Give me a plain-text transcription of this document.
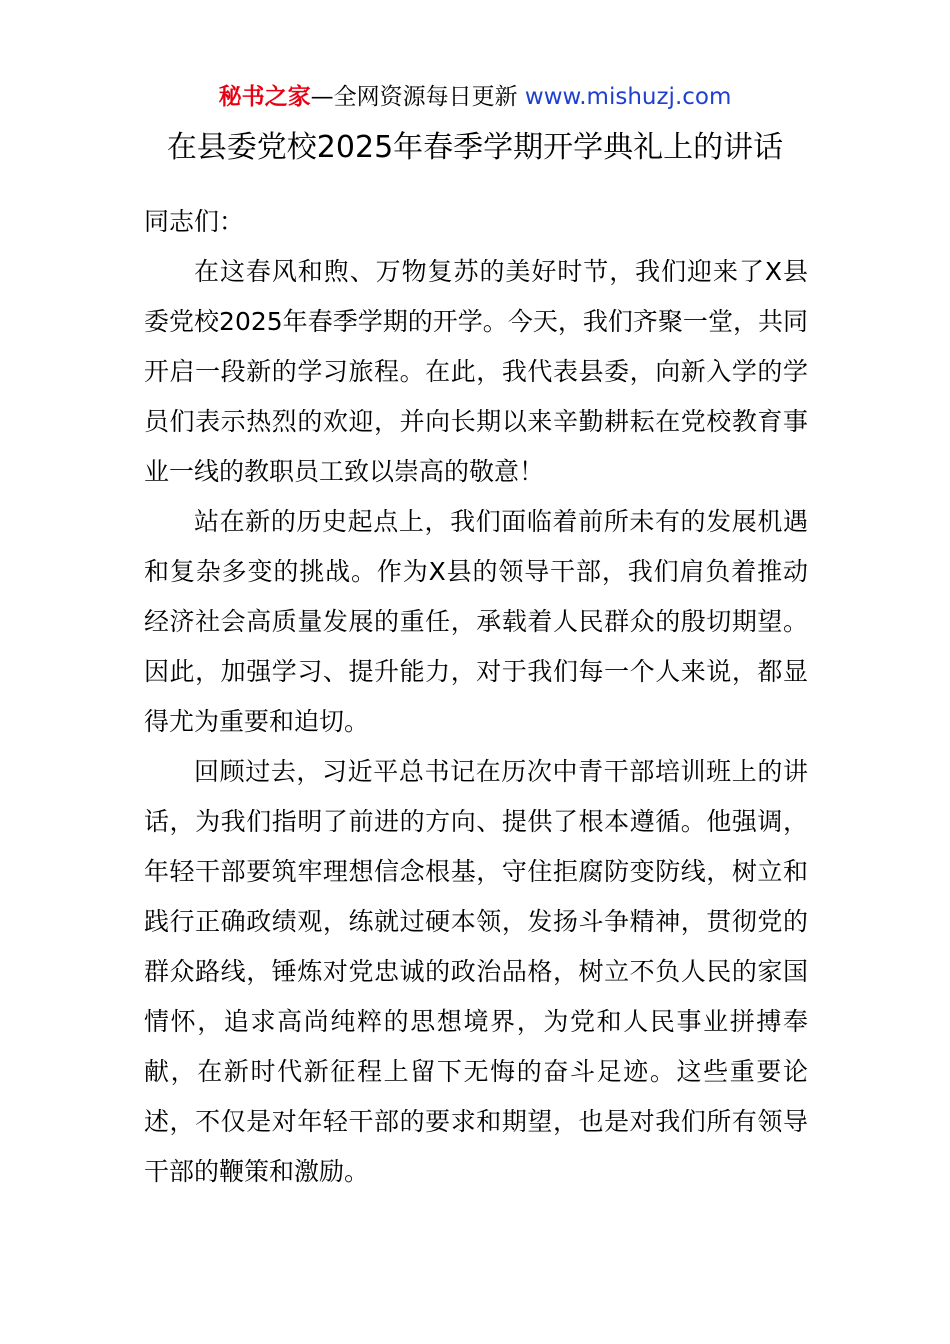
秘书之家—全网资源每日更新 www.mishuzj.com
在县委党校2025年春季学期开学典礼上的讲话

同志们：

在这春风和煦、万物复苏的美好时节，我们迎来了X县委党校2025年春季学期的开学。今天，我们齐聚一堂，共同开启一段新的学习旅程。在此，我代表县委，向新入学的学员们表示热烈的欢迎，并向长期以来辛勤耕耘在党校教育事业一线的教职员工致以崇高的敬意！

站在新的历史起点上，我们面临着前所未有的发展机遇和复杂多变的挑战。作为X县的领导干部，我们肩负着推动经济社会高质量发展的重任，承载着人民群众的殷切期望。因此，加强学习、提升能力，对于我们每一个人来说，都显得尤为重要和迫切。

回顾过去，习近平总书记在历次中青干部培训班上的讲话，为我们指明了前进的方向、提供了根本遵循。他强调，年轻干部要筑牢理想信念根基，守住拒腐防变防线，树立和践行正确政绩观，练就过硬本领，发扬斗争精神，贯彻党的群众路线，锤炼对党忠诚的政治品格，树立不负人民的家国情怀，追求高尚纯粹的思想境界，为党和人民事业拼搏奉献，在新时代新征程上留下无悔的奋斗足迹。这些重要论述，不仅是对年轻干部的要求和期望，也是对我们所有领导干部的鞭策和激励。
